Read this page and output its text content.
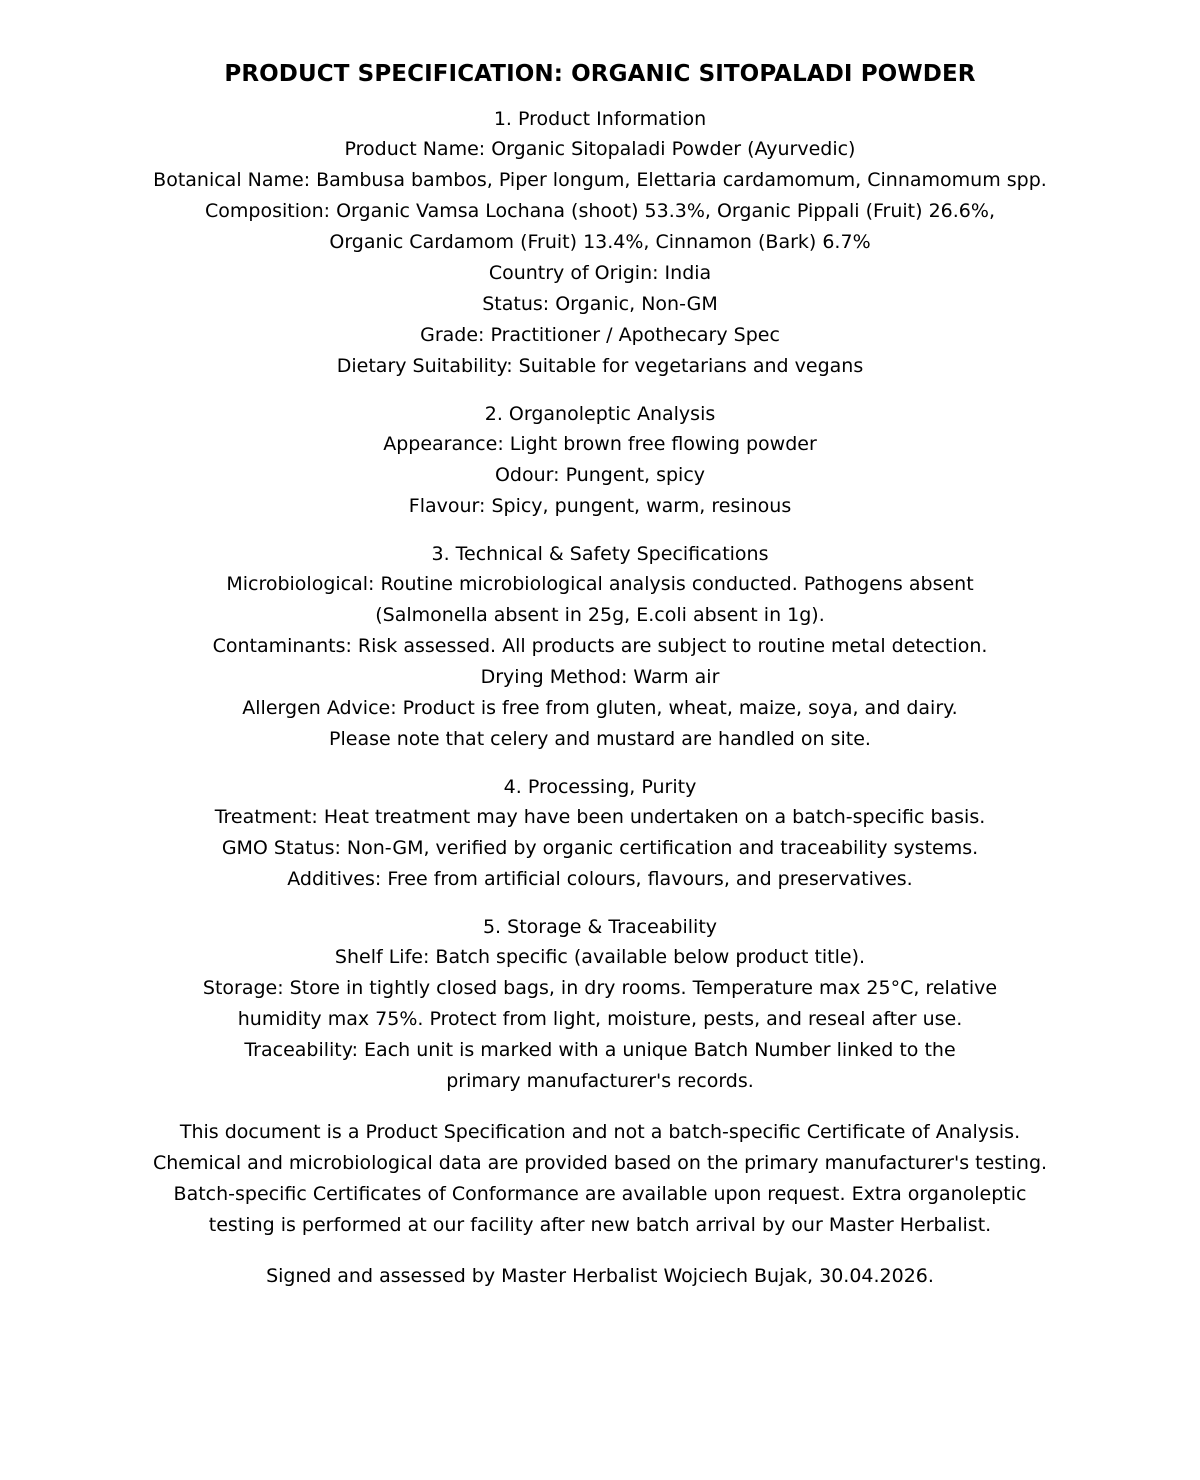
PRODUCT SPECIFICATION: ORGANIC SITOPALADI POWDER
1. Product Information
Product Name: Organic Sitopaladi Powder (Ayurvedic)
Botanical Name: Bambusa bambos, Piper longum, Elettaria cardamomum, Cinnamomum spp.
Composition: Organic Vamsa Lochana (shoot) 53.3%, Organic Pippali (Fruit) 26.6%,
Organic Cardamom (Fruit) 13.4%, Cinnamon (Bark) 6.7%
Country of Origin: India
Status: Organic, Non-GM
Grade: Practitioner / Apothecary Spec
Dietary Suitability: Suitable for vegetarians and vegans
2. Organoleptic Analysis
Appearance: Light brown free flowing powder
Odour: Pungent, spicy
Flavour: Spicy, pungent, warm, resinous
3. Technical & Safety Specifications
Microbiological: Routine microbiological analysis conducted. Pathogens absent
(Salmonella absent in 25g, E.coli absent in 1g).
Contaminants: Risk assessed. All products are subject to routine metal detection.
Drying Method: Warm air
Allergen Advice: Product is free from gluten, wheat, maize, soya, and dairy.
Please note that celery and mustard are handled on site.
4. Processing, Purity
Treatment: Heat treatment may have been undertaken on a batch-specific basis.
GMO Status: Non-GM, verified by organic certification and traceability systems.
Additives: Free from artificial colours, flavours, and preservatives.
5. Storage & Traceability
Shelf Life: Batch specific (available below product title).
Storage: Store in tightly closed bags, in dry rooms. Temperature max 25°C, relative
humidity max 75%. Protect from light, moisture, pests, and reseal after use.
Traceability: Each unit is marked with a unique Batch Number linked to the
primary manufacturer's records.
This document is a Product Specification and not a batch-specific Certificate of Analysis.
Chemical and microbiological data are provided based on the primary manufacturer's testing.
Batch-specific Certificates of Conformance are available upon request. Extra organoleptic
testing is performed at our facility after new batch arrival by our Master Herbalist.
Signed and assessed by Master Herbalist Wojciech Bujak, 30.04.2026.
